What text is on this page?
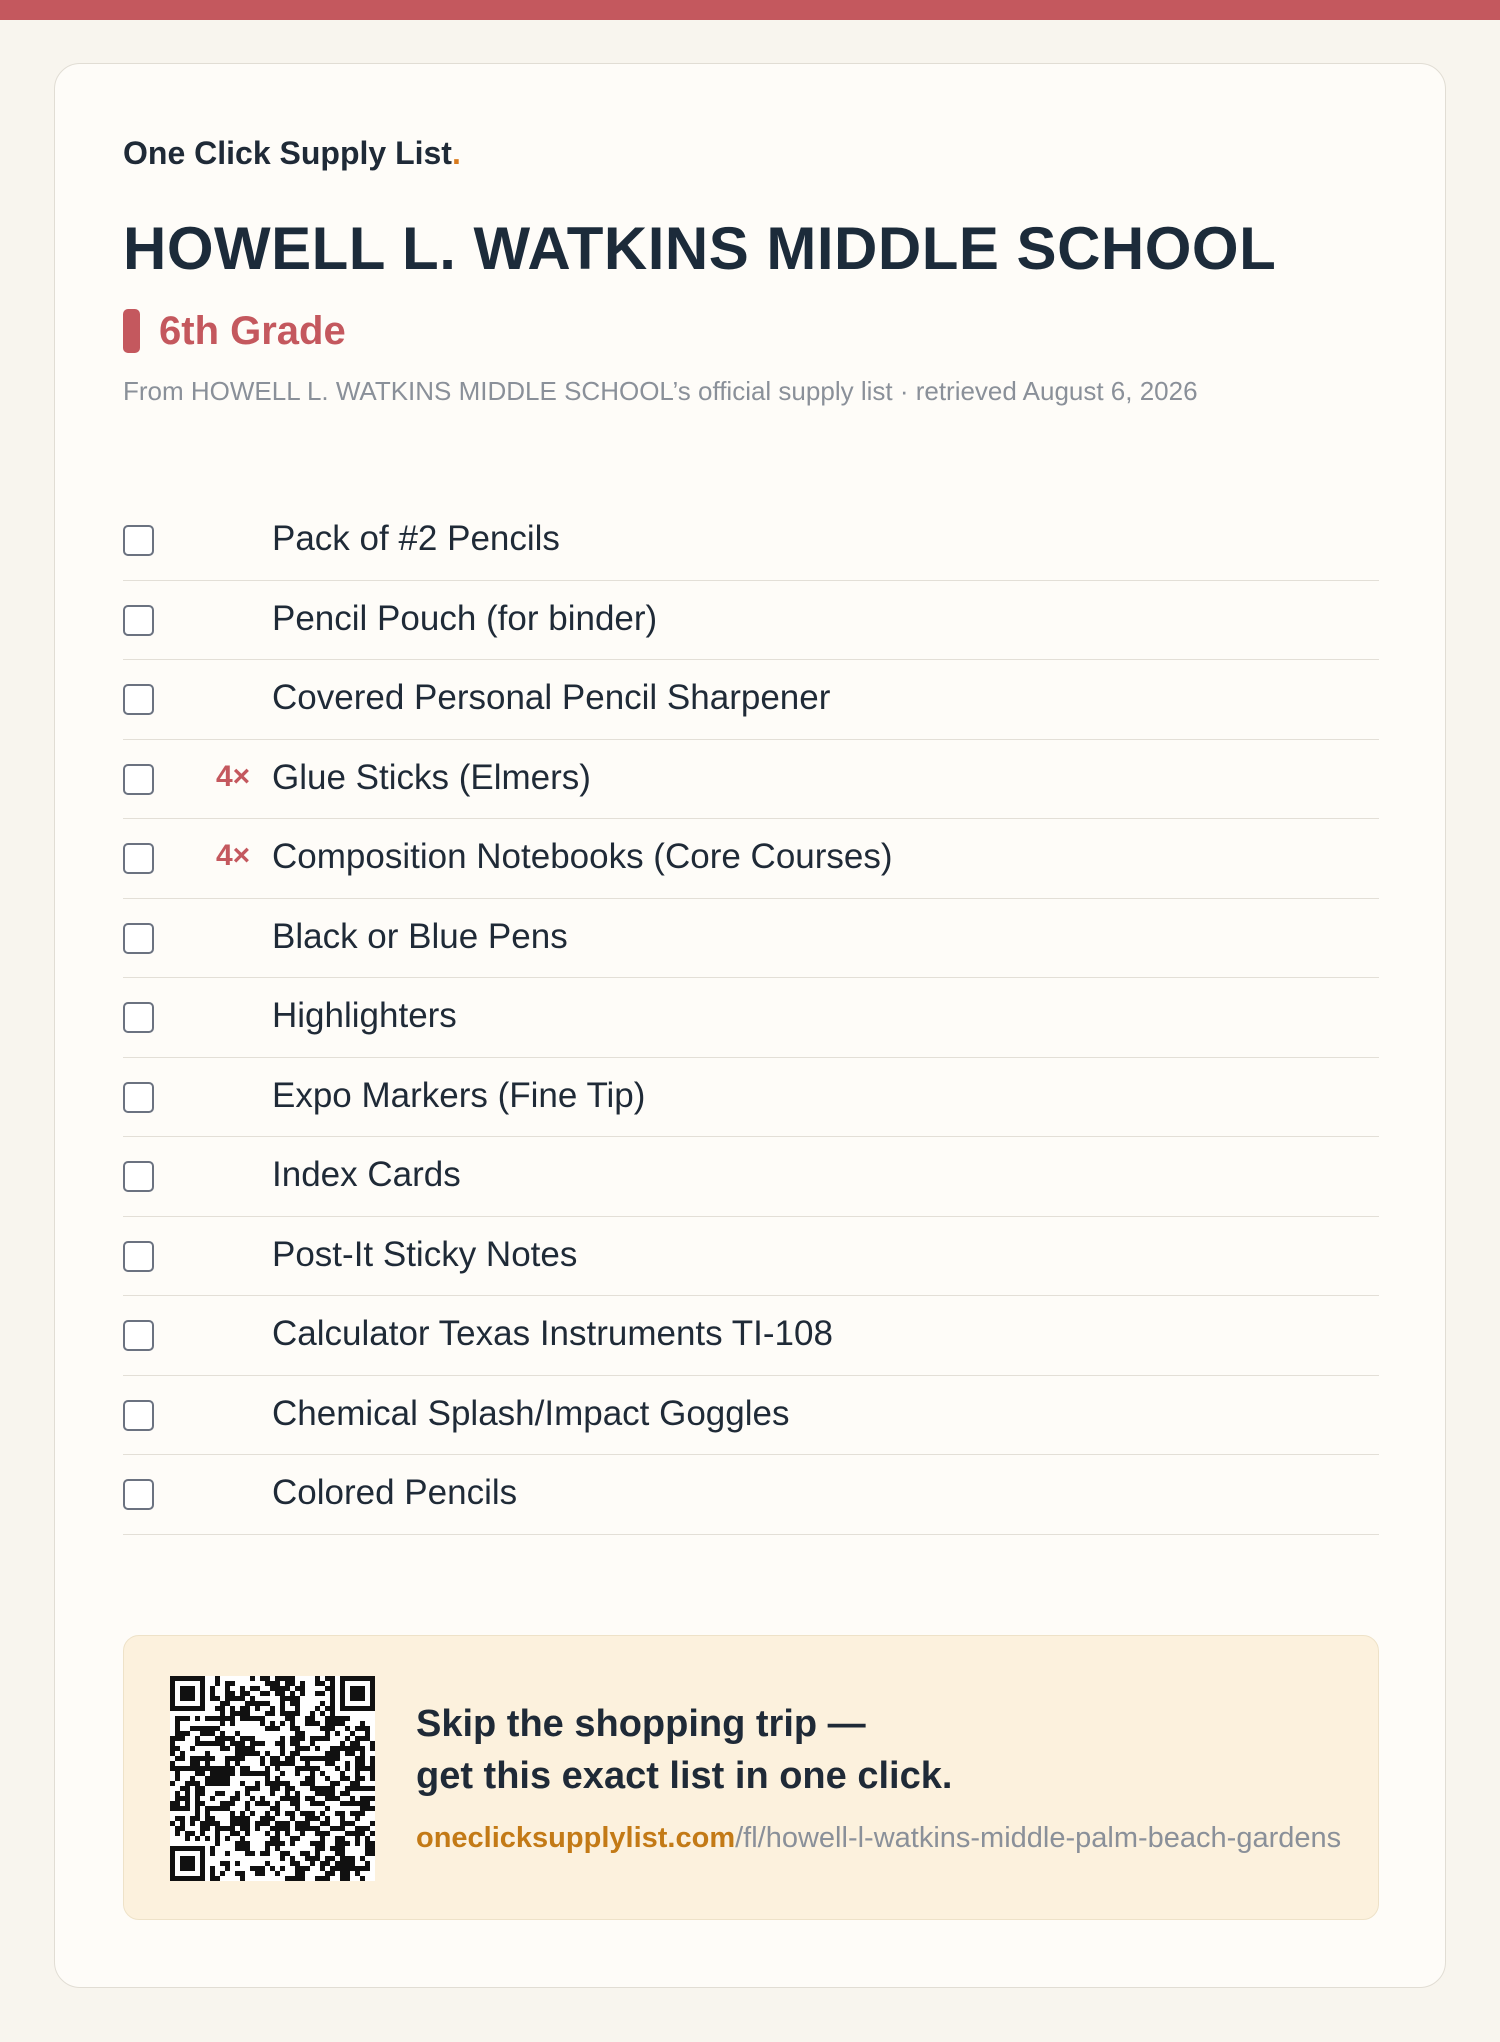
One Click Supply List.
HOWELL L. WATKINS MIDDLE SCHOOL
6th Grade

From HOWELL L. WATKINS MIDDLE SCHOOL’s official supply list · retrieved August 6, 2026

Pack of #2 Pencils
Pencil Pouch (for binder)
Covered Personal Pencil Sharpener
4× Glue Sticks (Elmers)
4× Composition Notebooks (Core Courses)
Black or Blue Pens
Highlighters
Expo Markers (Fine Tip)
Index Cards
Post-It Sticky Notes
Calculator Texas Instruments TI-108
Chemical Splash/Impact Goggles
Colored Pencils
Skip the shopping trip —
get this exact list in one click.
oneclicksupplylist.com/fl/howell-l-watkins-middle-palm-beach-gardens
